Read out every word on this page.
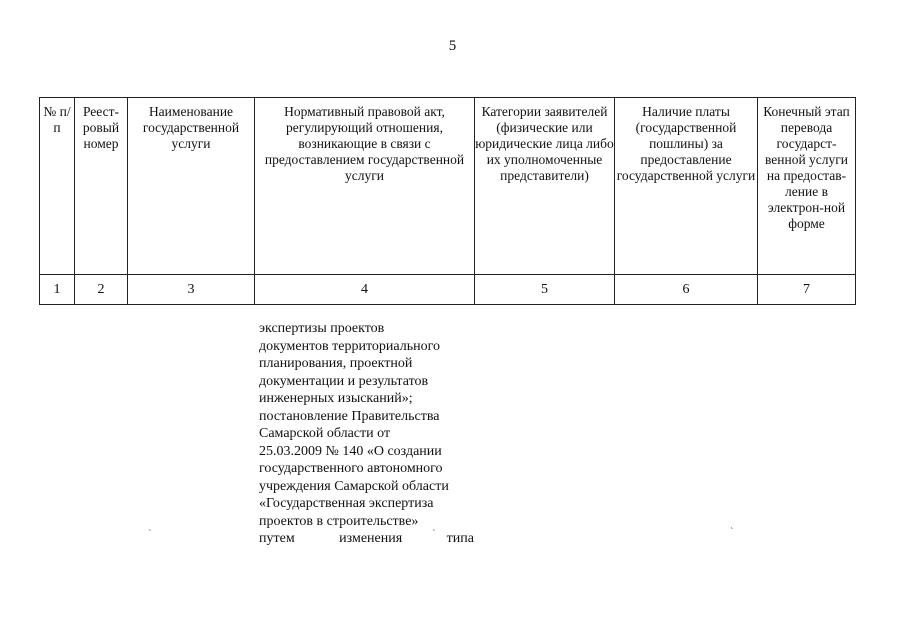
5
№ п/п	Реест-ровый номер	Наименование государственной услуги	Нормативный правовой акт, регулирующий отношения, возникающие в связи с предоставлением государственной услуги	Категории заявителей (физические или юридические лица либо их уполномоченные представители)	Наличие платы (государственной пошлины) за предоставление государственной услуги	Конечный этап перевода государст-венной услуги на предостав-ление в электрон-ной форме
1	2	3	4	5	6	7
экспертизы проектов
документов территориального
планирования, проектной
документации и результатов
инженерных изысканий»;
постановление Правительства
Самарской области от
25.03.2009 № 140 «О создании
государственного автономного
учреждения Самарской области
«Государственная экспертиза
проектов в строительстве»
путем	изменения	типа
`	`
`
